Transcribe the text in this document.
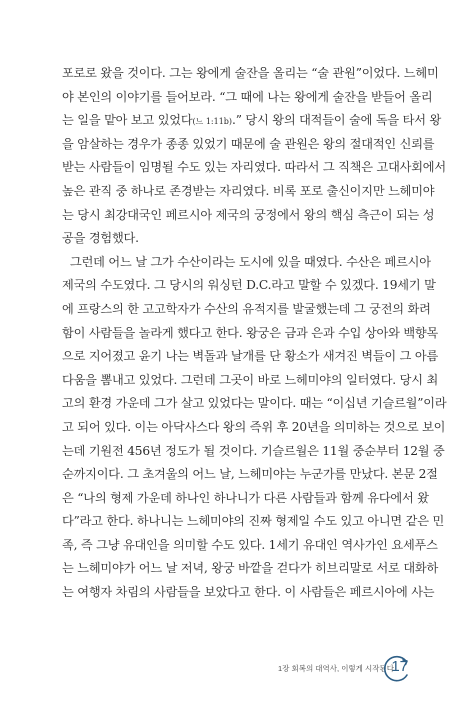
포로로 왔을 것이다. 그는 왕에게 술잔을 올리는 “술 관원”이었다. 느헤미
야 본인의 이야기를 들어보라. “그 때에 나는 왕에게 술잔을 받들어 올리
는 일을 맡아 보고 있었다(느 1:11b).” 당시 왕의 대적들이 술에 독을 타서 왕
을 암살하는 경우가 종종 있었기 때문에 술 관원은 왕의 절대적인 신뢰를
받는 사람들이 임명될 수도 있는 자리였다. 따라서 그 직책은 고대사회에서
높은 관직 중 하나로 존경받는 자리였다. 비록 포로 출신이지만 느헤미야
는 당시 최강대국인 페르시아 제국의 궁정에서 왕의 핵심 측근이 되는 성
공을 경험했다.
그런데 어느 날 그가 수산이라는 도시에 있을 때였다. 수산은 페르시아
제국의 수도였다. 그 당시의 워싱턴 D.C.라고 말할 수 있겠다. 19세기 말
에 프랑스의 한 고고학자가 수산의 유적지를 발굴했는데 그 궁전의 화려
함이 사람들을 놀라게 했다고 한다. 왕궁은 금과 은과 수입 상아와 백향목
으로 지어졌고 윤기 나는 벽돌과 날개를 단 황소가 새겨진 벽들이 그 아름
다움을 뽐내고 있었다. 그런데 그곳이 바로 느헤미야의 일터였다. 당시 최
고의 환경 가운데 그가 살고 있었다는 말이다. 때는 “이십년 기슬르월”이라
고 되어 있다. 이는 아닥사스다 왕의 즉위 후 20년을 의미하는 것으로 보이
는데 기원전 456년 정도가 될 것이다. 기슬르월은 11월 중순부터 12월 중
순까지이다. 그 초겨울의 어느 날, 느헤미야는 누군가를 만났다. 본문 2절
은 “나의 형제 가운데 하나인 하나니가 다른 사람들과 함께 유다에서 왔
다”라고 한다. 하나니는 느헤미야의 진짜 형제일 수도 있고 아니면 같은 민
족, 즉 그냥 유대인을 의미할 수도 있다. 1세기 유대인 역사가인 요세푸스
는 느헤미야가 어느 날 저녁, 왕궁 바깥을 걷다가 히브리말로 서로 대화하
는 여행자 차림의 사람들을 보았다고 한다. 이 사람들은 페르시아에 사는
1장 회복의 대역사, 이렇게 시작된다
17
